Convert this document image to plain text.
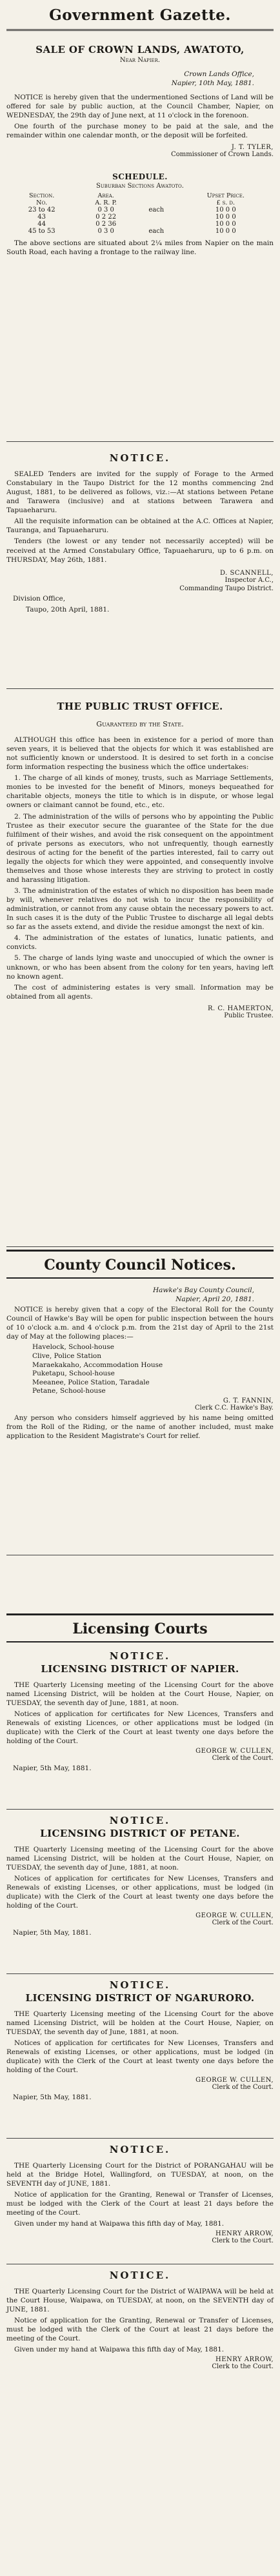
Government Gazette.
SALE OF CROWN LANDS, AWATOTO,
Near Napier.
Crown Lands Office,
Napier, 10th May, 1881.

NOTICE is hereby given that the undermentioned Sections of Land will be offered for sale by public auction, at the Council Chamber, Napier, on WEDNESDAY, the 29th day of June next, at 11 o'clock in the forenoon.

One fourth of the purchase money to be paid at the sale, and the remainder within one calendar month, or the deposit will be forfeited.

J. T. TYLER,
Commissioner of Crown Lands.
SCHEDULE.
Suburban Sections Awatoto.
Section.	Area.		Upset Price.
No.	A. R. P.		£ s. d.
23 to 42	0 3 0	each	10 0 0
43	0 2 22		10 0 0
44	0 2 36		10 0 0
45 to 53	0 3 0	each	10 0 0

The above sections are situated about 2¼ miles from Napier on the main South Road, each having a frontage to the railway line.

NOTICE.

SEALED Tenders are invited for the supply of Forage to the Armed Constabulary in the Taupo District for the 12 months commencing 2nd August, 1881, to be delivered as follows, viz.:—At stations between Petane and Tarawera (inclusive) and at stations between Tarawera and Tapuaeharuru.

All the requisite information can be obtained at the A.C. Offices at Napier, Tauranga, and Tapuaeharuru.

Tenders (the lowest or any tender not necessarily accepted) will be received at the Armed Constabulary Office, Tapuaeharuru, up to 6 p.m. on THURSDAY, May 26th, 1881.

D. SCANNELL,
Inspector A.C.,
Commanding Taupo District.

Division Office,

Taupo, 20th April, 1881.

THE PUBLIC TRUST OFFICE.
Guaranteed by the State.

ALTHOUGH this office has been in existence for a period of more than seven years, it is believed that the objects for which it was established are not sufficiently known or understood. It is desired to set forth in a concise form information respecting the business which the office undertakes:

1. The charge of all kinds of money, trusts, such as Marriage Settlements, monies to be invested for the benefit of Minors, moneys bequeathed for charitable objects, moneys the title to which is in dispute, or whose legal owners or claimant cannot be found, etc., etc.

2. The administration of the wills of persons who by appointing the Public Trustee as their executor secure the guarantee of the State for the due fulfilment of their wishes, and avoid the risk consequent on the appointment of private persons as executors, who not unfrequently, though earnestly desirous of acting for the benefit of the parties interested, fail to carry out legally the objects for which they were appointed, and consequently involve themselves and those whose interests they are striving to protect in costly and harassing litigation.

3. The administration of the estates of which no disposition has been made by will, whenever relatives do not wish to incur the responsibility of administration, or cannot from any cause obtain the necessary powers to act. In such cases it is the duty of the Public Trustee to discharge all legal debts so far as the assets extend, and divide the residue amongst the next of kin.

4. The administration of the estates of lunatics, lunatic patients, and convicts.

5. The charge of lands lying waste and unoccupied of which the owner is unknown, or who has been absent from the colony for ten years, having left no known agent.

The cost of administering estates is very small. Information may be obtained from all agents.

R. C. HAMERTON,
Public Trustee.
County Council Notices.
Hawke's Bay County Council,
Napier, April 20, 1881.

NOTICE is hereby given that a copy of the Electoral Roll for the County Council of Hawke's Bay will be open for public inspection between the hours of 10 o'clock a.m. and 4 o'clock p.m. from the 21st day of April to the 21st day of May at the following places:—

Havelock, School-house
Clive, Police Station
Maraekakaho, Accommodation House
Puketapu, School-house
Meeanee, Police Station, Taradale
Petane, School-house
G. T. FANNIN,
Clerk C.C. Hawke's Bay.

Any person who considers himself aggrieved by his name being omitted from the Roll of the Riding, or the name of another included, must make application to the Resident Magistrate's Court for relief.

Licensing Courts
NOTICE.
LICENSING DISTRICT OF NAPIER.

THE Quarterly Licensing meeting of the Licensing Court for the above named Licensing District, will be holden at the Court House, Napier, on TUESDAY, the seventh day of June, 1881, at noon.

Notices of application for certificates for New Licences, Transfers and Renewals of existing Licences, or other applications must be lodged (in duplicate) with the Clerk of the Court at least twenty one days before the holding of the Court.

GEORGE W. CULLEN,
Clerk of the Court.

Napier, 5th May, 1881.

NOTICE.
LICENSING DISTRICT OF PETANE.

THE Quarterly Licensing meeting of the Licensing Court for the above named Licensing District, will be holden at the Court House, Napier, on TUESDAY, the seventh day of June, 1881, at noon.

Notices of application for certificates for New Licenses, Transfers and Renewals of existing Licenses, or other applications, must be lodged (in duplicate) with the Clerk of the Court at least twenty one days before the holding of the Court.

GEORGE W. CULLEN,
Clerk of the Court.

Napier, 5th May, 1881.

NOTICE.
LICENSING DISTRICT OF NGARURORO.

THE Quarterly Licensing meeting of the Licensing Court for the above named Licensing District, will be holden at the Court House, Napier, on TUESDAY, the seventh day of June, 1881, at noon.

Notices of application for certificates for New Licenses, Transfers and Renewals of existing Licenses, or other applications, must be lodged (in duplicate) with the Clerk of the Court at least twenty one days before the holding of the Court.

GEORGE W. CULLEN,
Clerk of the Court.

Napier, 5th May, 1881.

NOTICE.

THE Quarterly Licensing Court for the District of PORANGAHAU will be held at the Bridge Hotel, Wallingford, on TUESDAY, at noon, on the SEVENTH day of JUNE, 1881.

Notice of application for the Granting, Renewal or Transfer of Licenses, must be lodged with the Clerk of the Court at least 21 days before the meeting of the Court.

Given under my hand at Waipawa this fifth day of May, 1881.

HENRY ARROW,
Clerk to the Court.
NOTICE.

THE Quarterly Licensing Court for the District of WAIPAWA will be held at the Court House, Waipawa, on TUESDAY, at noon, on the SEVENTH day of JUNE, 1881.

Notice of application for the Granting, Renewal or Transfer of Licenses, must be lodged with the Clerk of the Court at least 21 days before the meeting of the Court.

Given under my hand at Waipawa this fifth day of May, 1881.

HENRY ARROW,
Clerk to the Court.
